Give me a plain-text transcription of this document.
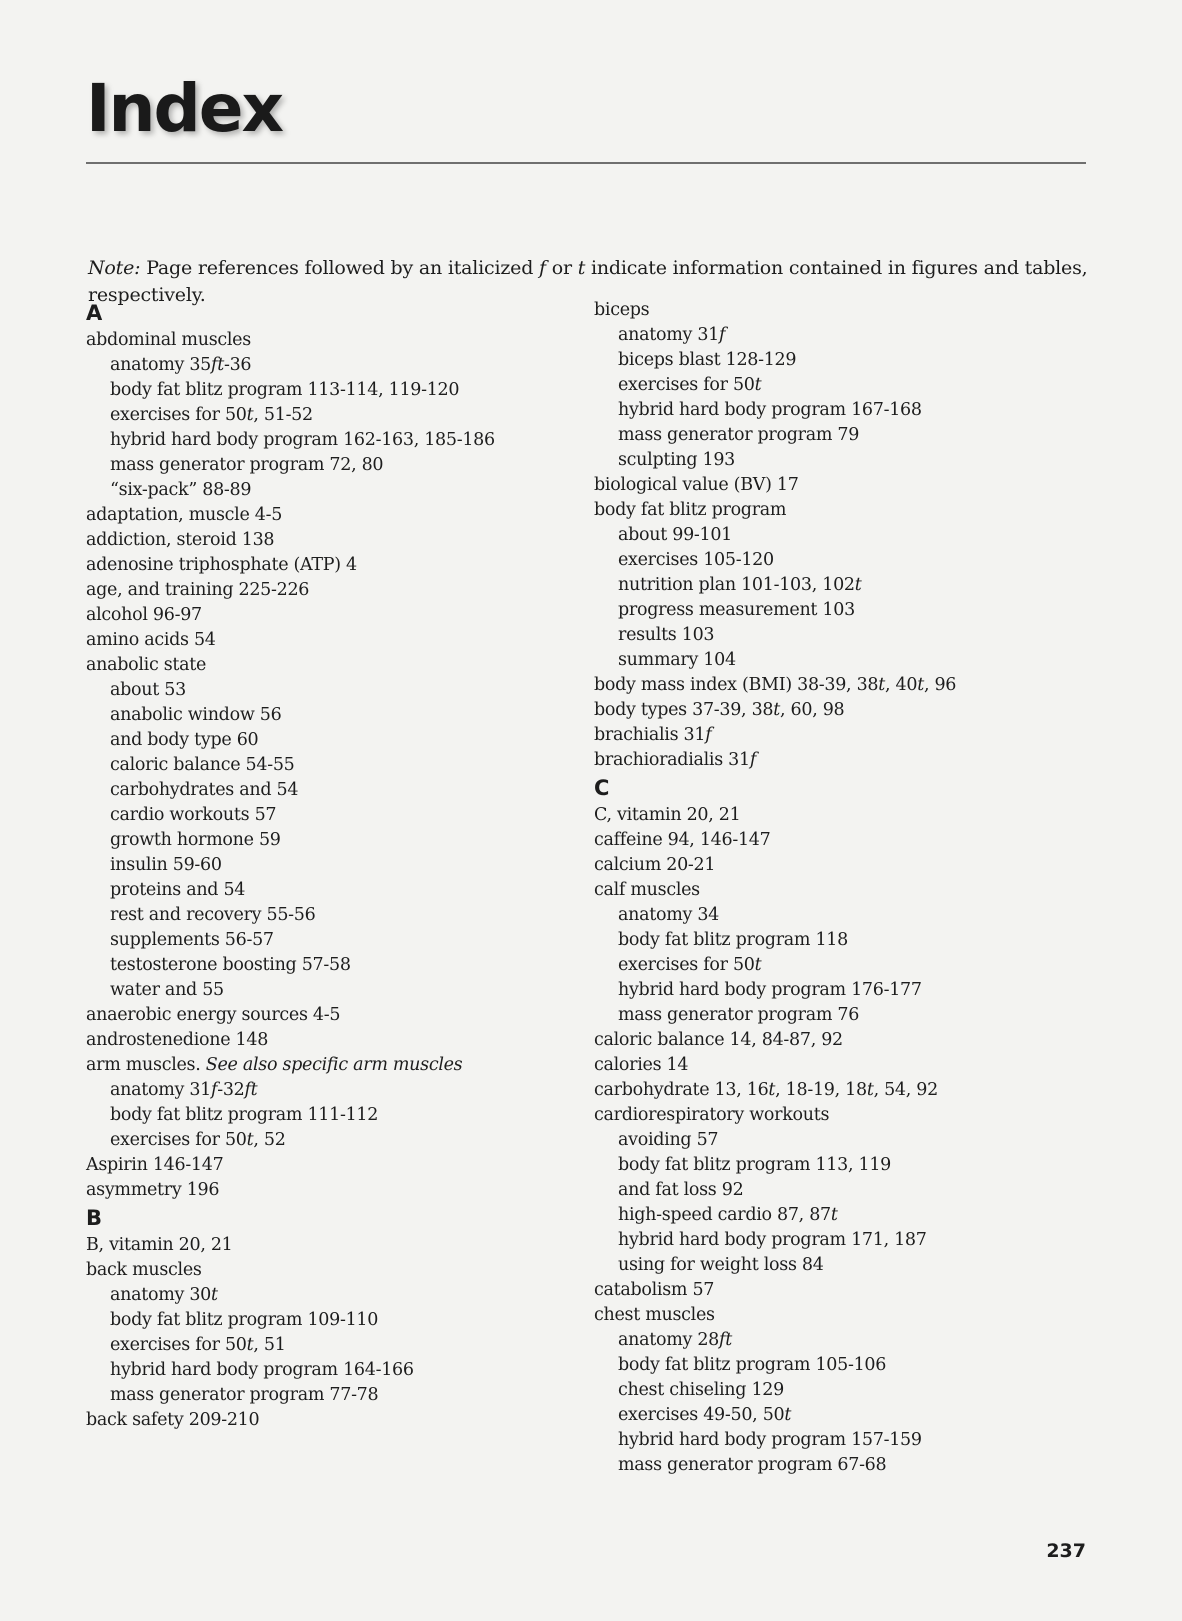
Index

Note: Page references followed by an italicized f or t indicate information contained in figures and tables, respectively.

A
abdominal muscles
anatomy 35ft-36
body fat blitz program 113-114, 119-120
exercises for 50t, 51-52
hybrid hard body program 162-163, 185-186
mass generator program 72, 80
“six-pack” 88-89
adaptation, muscle 4-5
addiction, steroid 138
adenosine triphosphate (ATP) 4
age, and training 225-226
alcohol 96-97
amino acids 54
anabolic state
about 53
anabolic window 56
and body type 60
caloric balance 54-55
carbohydrates and 54
cardio workouts 57
growth hormone 59
insulin 59-60
proteins and 54
rest and recovery 55-56
supplements 56-57
testosterone boosting 57-58
water and 55
anaerobic energy sources 4-5
androstenedione 148
arm muscles. See also specific arm muscles
anatomy 31f-32ft
body fat blitz program 111-112
exercises for 50t, 52
Aspirin 146-147
asymmetry 196
B
B, vitamin 20, 21
back muscles
anatomy 30t
body fat blitz program 109-110
exercises for 50t, 51
hybrid hard body program 164-166
mass generator program 77-78
back safety 209-210
biceps
anatomy 31f
biceps blast 128-129
exercises for 50t
hybrid hard body program 167-168
mass generator program 79
sculpting 193
biological value (BV) 17
body fat blitz program
about 99-101
exercises 105-120
nutrition plan 101-103, 102t
progress measurement 103
results 103
summary 104
body mass index (BMI) 38-39, 38t, 40t, 96
body types 37-39, 38t, 60, 98
brachialis 31f
brachioradialis 31f
C
C, vitamin 20, 21
caffeine 94, 146-147
calcium 20-21
calf muscles
anatomy 34
body fat blitz program 118
exercises for 50t
hybrid hard body program 176-177
mass generator program 76
caloric balance 14, 84-87, 92
calories 14
carbohydrate 13, 16t, 18-19, 18t, 54, 92
cardiorespiratory workouts
avoiding 57
body fat blitz program 113, 119
and fat loss 92
high-speed cardio 87, 87t
hybrid hard body program 171, 187
using for weight loss 84
catabolism 57
chest muscles
anatomy 28ft
body fat blitz program 105-106
chest chiseling 129
exercises 49-50, 50t
hybrid hard body program 157-159
mass generator program 67-68
237
